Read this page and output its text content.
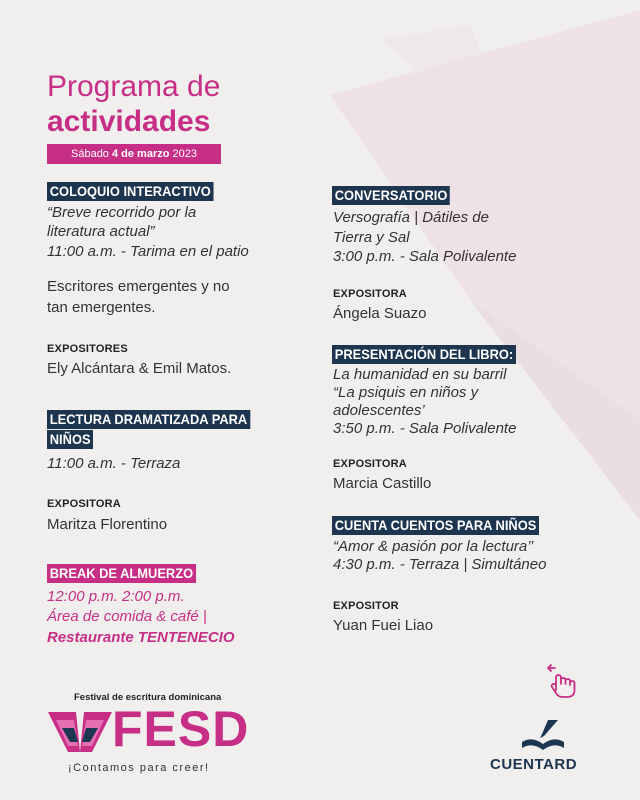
Programa de
actividades
Sábado 4 de marzo 2023
COLOQUIO INTERACTIVO
“Breve recorrido por la
literatura actual”
11:00 a.m. - Tarima en el patio
Escritores emergentes y no
tan emergentes.
EXPOSITORES
Ely Alcántara & Emil Matos.
LECTURA DRAMATIZADA PARA
NIÑOS
11:00 a.m. - Terraza
EXPOSITORA
Maritza Florentino
BREAK DE ALMUERZO
12:00 p.m. 2:00 p.m.
Área de comida & café |
Restaurante TENTENECIO
CONVERSATORIO
Versografía | Dátiles de
Tierra y Sal
3:00 p.m. - Sala Polivalente
EXPOSITORA
Ángela Suazo
PRESENTACIÓN DEL LIBRO:
La humanidad en su barril
“La psiquis en niños y
adolescentes’
3:50 p.m. - Sala Polivalente
EXPOSITORA
Marcia Castillo
CUENTA CUENTOS PARA NIÑOS
“Amor & pasión por la lectura’’
4:30 p.m. - Terraza | Simultáneo
EXPOSITOR
Yuan Fuei Liao
Festival de escritura dominicana
FESD
¡Contamos para creer!	CUENTARD
